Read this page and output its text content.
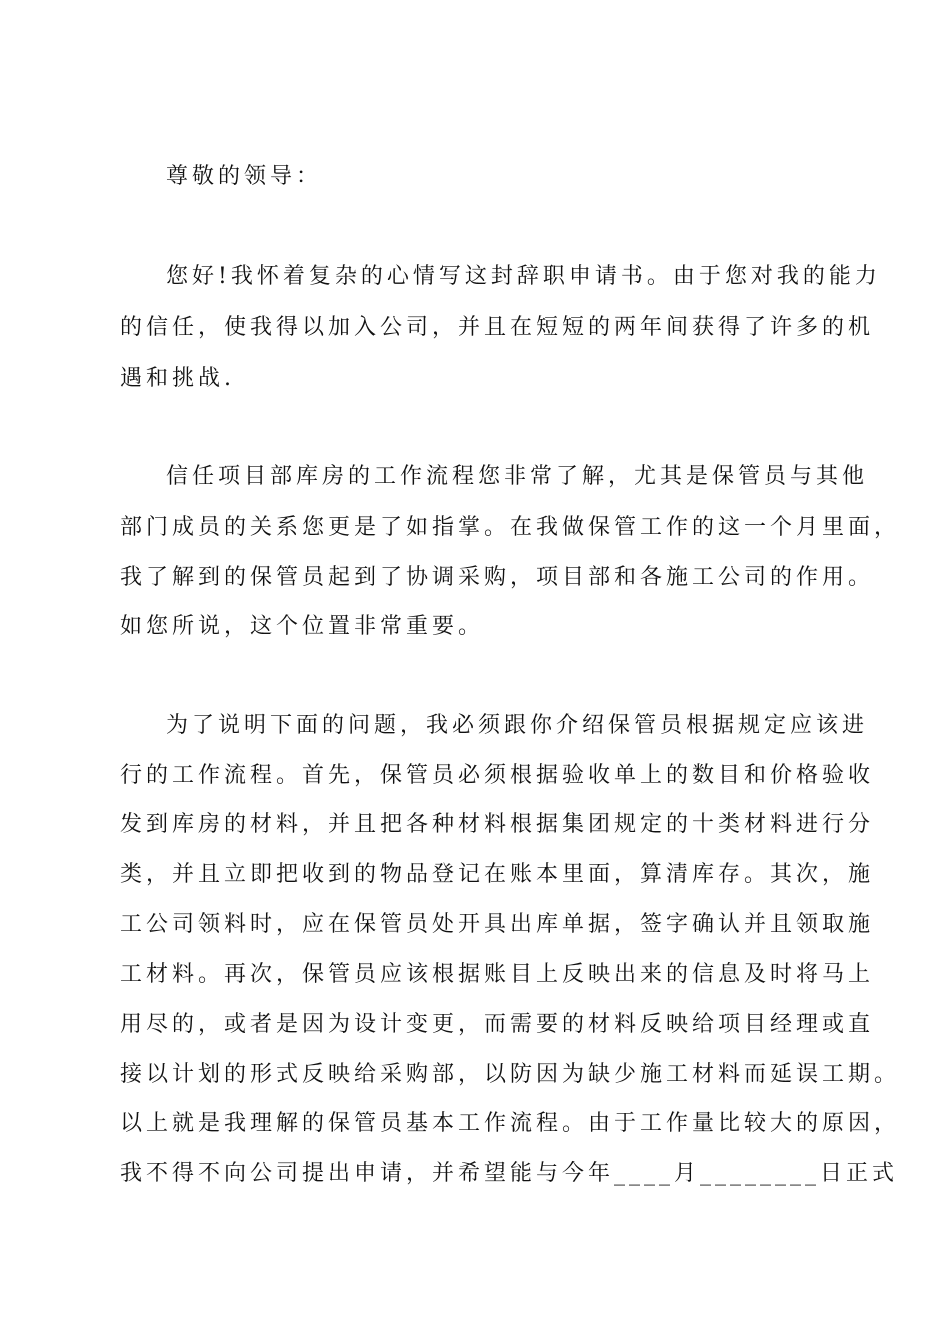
尊敬的领导：

您好!我怀着复杂的心情写这封辞职申请书。由于您对我的能力

的信任，使我得以加入公司，并且在短短的两年间获得了许多的机

遇和挑战.

信任项目部库房的工作流程您非常了解，尤其是保管员与其他

部门成员的关系您更是了如指掌。在我做保管工作的这一个月里面，

我了解到的保管员起到了协调采购，项目部和各施工公司的作用。

如您所说，这个位置非常重要。

为了说明下面的问题，我必须跟你介绍保管员根据规定应该进

行的工作流程。首先，保管员必须根据验收单上的数目和价格验收

发到库房的材料，并且把各种材料根据集团规定的十类材料进行分

类，并且立即把收到的物品登记在账本里面，算清库存。其次，施

工公司领料时，应在保管员处开具出库单据，签字确认并且领取施

工材料。再次，保管员应该根据账目上反映出来的信息及时将马上

用尽的，或者是因为设计变更，而需要的材料反映给项目经理或直

接以计划的形式反映给采购部，以防因为缺少施工材料而延误工期。

以上就是我理解的保管员基本工作流程。由于工作量比较大的原因，

我不得不向公司提出申请，并希望能与今年____月________日正式
